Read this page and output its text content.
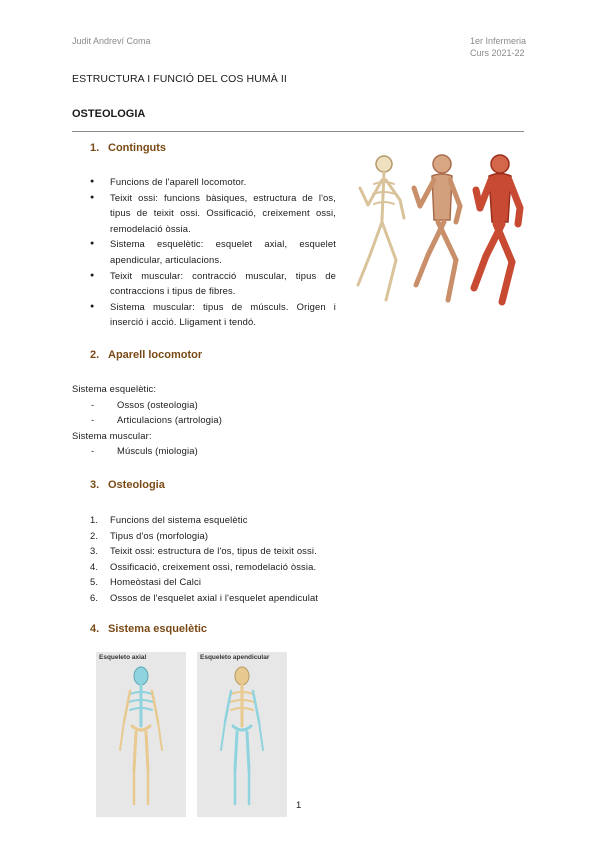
Judit Andreví Coma	1er Infermeria
Curs 2021-22
ESTRUCTURA I FUNCIÓ DEL COS HUMÀ II
OSTEOLOGIA
1. Continguts
● Funcions de l'aparell locomotor.
● Teixit ossi: funcions bàsiques, estructura de l'os, tipus de teixit ossi. Ossificació, creixement ossi, remodelació òssia.
● Sistema esquelètic: esquelet axial, esquelet apendicular, articulacions.
● Teixit muscular: contracció muscular, tipus de contraccions i tipus de fibres.
● Sistema muscular: tipus de músculs. Origen i inserció i acció. Lligament i tendó.
2. Aparell locomotor
Sistema esquelètic:
- Ossos (osteologia)
- Articulacions (artrologia)
Sistema muscular:
- Músculs (miologia)
3. Osteologia
1. Funcions del sistema esquelètic
2. Tipus d'os (morfologia)
3. Teixit ossi: estructura de l'os, tipus de teixit ossi.
4. Ossificació, creixement ossi, remodelació òssia.
5. Homeòstasi del Calci
6. Ossos de l'esquelet axial i l'esquelet apendiculat
4. Sistema esquelètic
Esqueleto axial	Esqueleto apendicular
1
